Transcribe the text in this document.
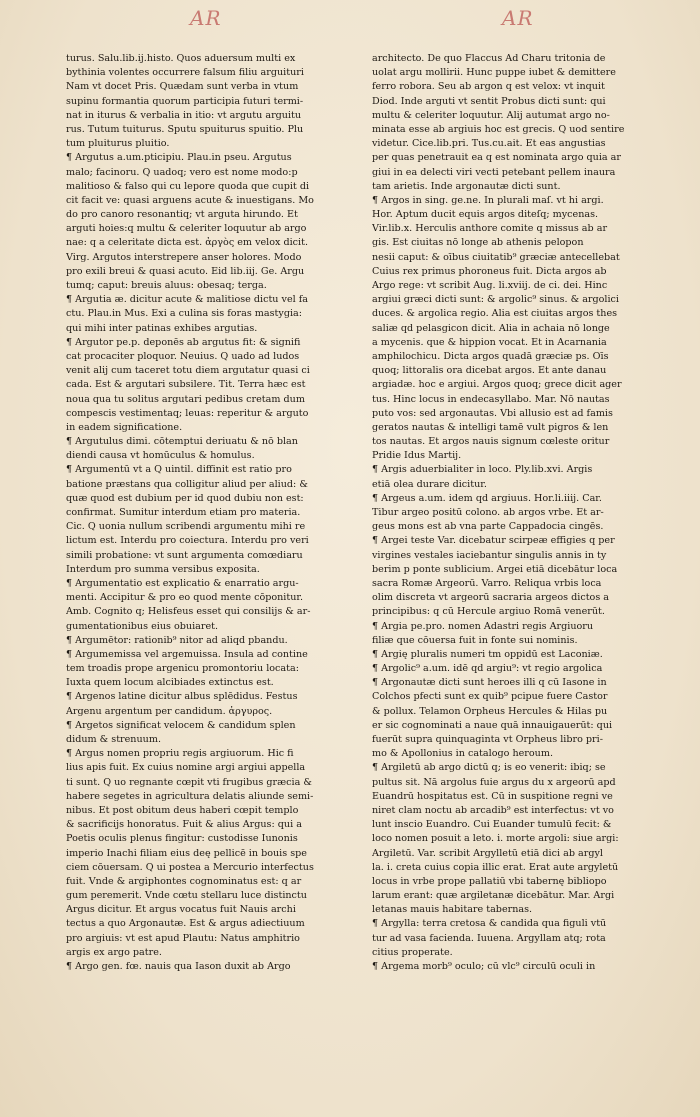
AR	AR
turus. Salu.lib.ij.histo. Quos aduersum multi ex
bythinia volentes occurrere falsum filiu arguituri
Nam vt docet Pris. Quædam sunt verba in vtum
supinu formantia quorum participia futuri termi-
nat in iturus & verbalia in itio: vt argutu arguitu
rus. Tutum tuiturus. Sputu spuiturus spuitio. Plu
tum pluiturus pluitio.
¶ Argutus a.um.pticipiu. Plau.in pseu. Argutus
malo; facinoru. Q uadoq; vero est nome modo:p
malitioso & falso qui cu lepore quoda que cupit di
cit facit ve: quasi arguens acute & inuestigans. Mo
do pro canoro resonantiq; vt arguta hirundo. Et
arguti hoies:q multu & celeriter loquutur ab argo
nae: q a celeritate dicta est. ἀργὸς em velox dicit.
Virg. Argutos interstrepere anser holores. Modo
pro exili breui & quasi acuto. Eid lib.iij. Ge. Argu
tumq; caput: breuis aluus: obesaq; terga.
¶ Argutia æ. dicitur acute & malitiose dictu vel fa
ctu. Plau.in Mus. Exi a culina sis foras mastygia:
qui mihi inter patinas exhibes argutias.
¶ Argutor pe.p. deponēs ab argutus fit: & signifi
cat procaciter ploquor. Neuius. Q uado ad ludos
venit alij cum taceret totu diem argutatur quasi ci
cada. Est & argutari subsilere. Tit. Terra hæc est
noua qua tu solitus argutari pedibus cretam dum
compescis vestimentaq; leuas: reperitur & arguto
in eadem significatione.
¶ Argutulus dimi. cōtemptui deriuatu & nō blan
diendi causa vt homūculus & homulus.
¶ Argumentū vt a Q uintil. diffinit est ratio pro
batione præstans qua colligitur aliud per aliud: &
quæ quod est dubium per id quod dubiu non est:
confirmat. Sumitur interdum etiam pro materia.
Cic. Q uonia nullum scribendi argumentu mihi re
lictum est. Interdu pro coiectura. Interdu pro veri
simili probatione: vt sunt argumenta comœdiaru
Interdum pro summa versibus exposita.
¶ Argumentatio est explicatio & enarratio argu-
menti. Accipitur & pro eo quod mente cōponitur.
Amb. Cognito q; Helisfeus esset qui consilijs & ar-
gumentationibus eius obuiaret.
¶ Argumētor: rationib⁹ nitor ad aliqd pbandu.
¶ Argumemissa vel argemuissa. Insula ad contine
tem troadis prope argenicu promontoriu locata:
Iuxta quem locum alcibiades extinctus est.
¶ Argenos latine dicitur albus splēdidus. Festus
Argenu argentum per candidum. ἀργυρος.
¶ Argetos significat velocem & candidum splen
didum & strenuum.
¶ Argus nomen propriu regis argiuorum. Hic fi
lius apis fuit. Ex cuius nomine argi argiui appella
ti sunt. Q uo regnante cœpit vti frugibus græcia &
habere segetes in agricultura delatis aliunde semi-
nibus. Et post obitum deus haberi cœpit templo
& sacrificijs honoratus. Fuit & alius Argus: qui a
Poetis oculis plenus fingitur: custodisse Iunonis
imperio Inachi filiam eius deę pellicē in bouis spe
ciem cōuersam. Q ui postea a Mercurio interfectus
fuit. Vnde & argiphontes cognominatus est: q ar
gum peremerit. Vnde cœtu stellaru luce distinctu
Argus dicitur. Et argus vocatus fuit Nauis archi
tectus a quo Argonautæ. Est & argus adiectiuum
pro argiuis: vt est apud Plautu: Natus amphitrio
argis ex argo patre.
¶ Argo gen. fœ. nauis qua Iason duxit ab Argo
architecto. De quo Flaccus Ad Charu tritonia de
uolat argu mollirii. Hunc puppe iubet & demittere
ferro robora. Seu ab argon q est velox: vt inquit
Diod. Inde arguti vt sentit Probus dicti sunt: qui
multu & celeriter loquutur. Alij autumat argo no-
minata esse ab argiuis hoc est grecis. Q uod sentire
videtur. Cice.lib.pri. Tus.cu.ait. Et eas angustias
per quas penetrauit ea q est nominata argo quia ar
giui in ea delecti viri vecti petebant pellem inaura
tam arietis. Inde argonautæ dicti sunt.
¶ Argos in sing. ge.ne. In plurali maſ. vt hi argi.
Hor. Aptum ducit equis argos diteſq; mycenas.
Vir.lib.x. Herculis anthore comite q missus ab ar
gis. Est ciuitas nō longe ab athenis pelopon
nesii caput: & oībus ciuitatib⁹ græciæ antecellebat
Cuius rex primus phoroneus fuit. Dicta argos ab
Argo rege: vt scribit Aug. li.xviij. de ci. dei. Hinc
argiui græci dicti sunt: & argolic⁹ sinus. & argolici
duces. & argolica regio. Alia est ciuitas argos thes
saliæ qd pelasgicon dicit. Alia in achaia nō longe
a mycenis. que & hippion vocat. Et in Acarnania
amphilochicu. Dicta argos quadā græciæ ps. Oīs
quoq; littoralis ora dicebat argos. Et ante danau
argiadæ. hoc e argiui. Argos quoq; grece dicit ager
tus. Hinc locus in endecasyllabo. Mar. Nō nautas
puto vos: sed argonautas. Vbi allusio est ad famis
geratos nautas & intelligi tamē vult pigros & len
tos nautas. Et argos nauis signum cœleste oritur
Pridie Idus Martij.
¶ Argis aduerbialiter in loco. Ply.lib.xvi. Argis
etiā olea durare dicitur.
¶ Argeus a.um. idem qd argiuus. Hor.li.iiij. Car.
Tibur argeo positū colono. ab argos vrbe. Et ar-
geus mons est ab vna parte Cappadocia cingēs.
¶ Argei teste Var. dicebatur scirpeæ effigies q per
virgines vestales iaciebantur singulis annis in ty
berim p ponte sublicium. Argei etiā dicebātur loca
sacra Romæ Argeorū. Varro. Reliqua vrbis loca
olim discreta vt argeorū sacraria argeos dictos a
principibus: q cū Hercule argiuo Romā venerūt.
¶ Argia pe.pro. nomen Adastri regis Argiuoru
filiæ que cōuersa fuit in fonte sui nominis.
¶ Argię pluralis numeri tm oppidū est Laconiæ.
¶ Argolic⁹ a.um. idē qd argiu⁹: vt regio argolica
¶ Argonautæ dicti sunt heroes illi q cū Iasone in
Colchos pfecti sunt ex quib⁹ pcipue fuere Castor
& pollux. Telamon Orpheus Hercules & Hilas pu
er sic cognominati a naue quā innauigauerūt: qui
fuerūt supra quinquaginta vt Orpheus libro pri-
mo & Apollonius in catalogo heroum.
¶ Argiletū ab argo dictū q; is eo venerit: ibiq; se
pultus sit. Nā argolus fuie argus du x argeorū apd
Euandrū hospitatus est. Cū in suspitione regni ve
niret clam noctu ab arcadib⁹ est interfectus: vt vo
lunt inscio Euandro. Cui Euander tumulū fecit: &
loco nomen posuit a leto. i. morte argoli: siue argi:
Argiletū. Var. scribit Argylletū etiā dici ab argyl
la. i. creta cuius copia illic erat. Erat aute argyletū
locus in vrbe prope pallatiū vbi tabernę bibliopo
larum erant: quæ argiletanæ dicebātur. Mar. Argi
letanas mauis habitare tabernas.
¶ Argylla: terra cretosa & candida qua figuli vtū
tur ad vasa facienda. Iuuena. Argyllam atq; rota
citius properate.
¶ Argema morb⁹ oculo; cū vlc⁹ circulū oculi in
